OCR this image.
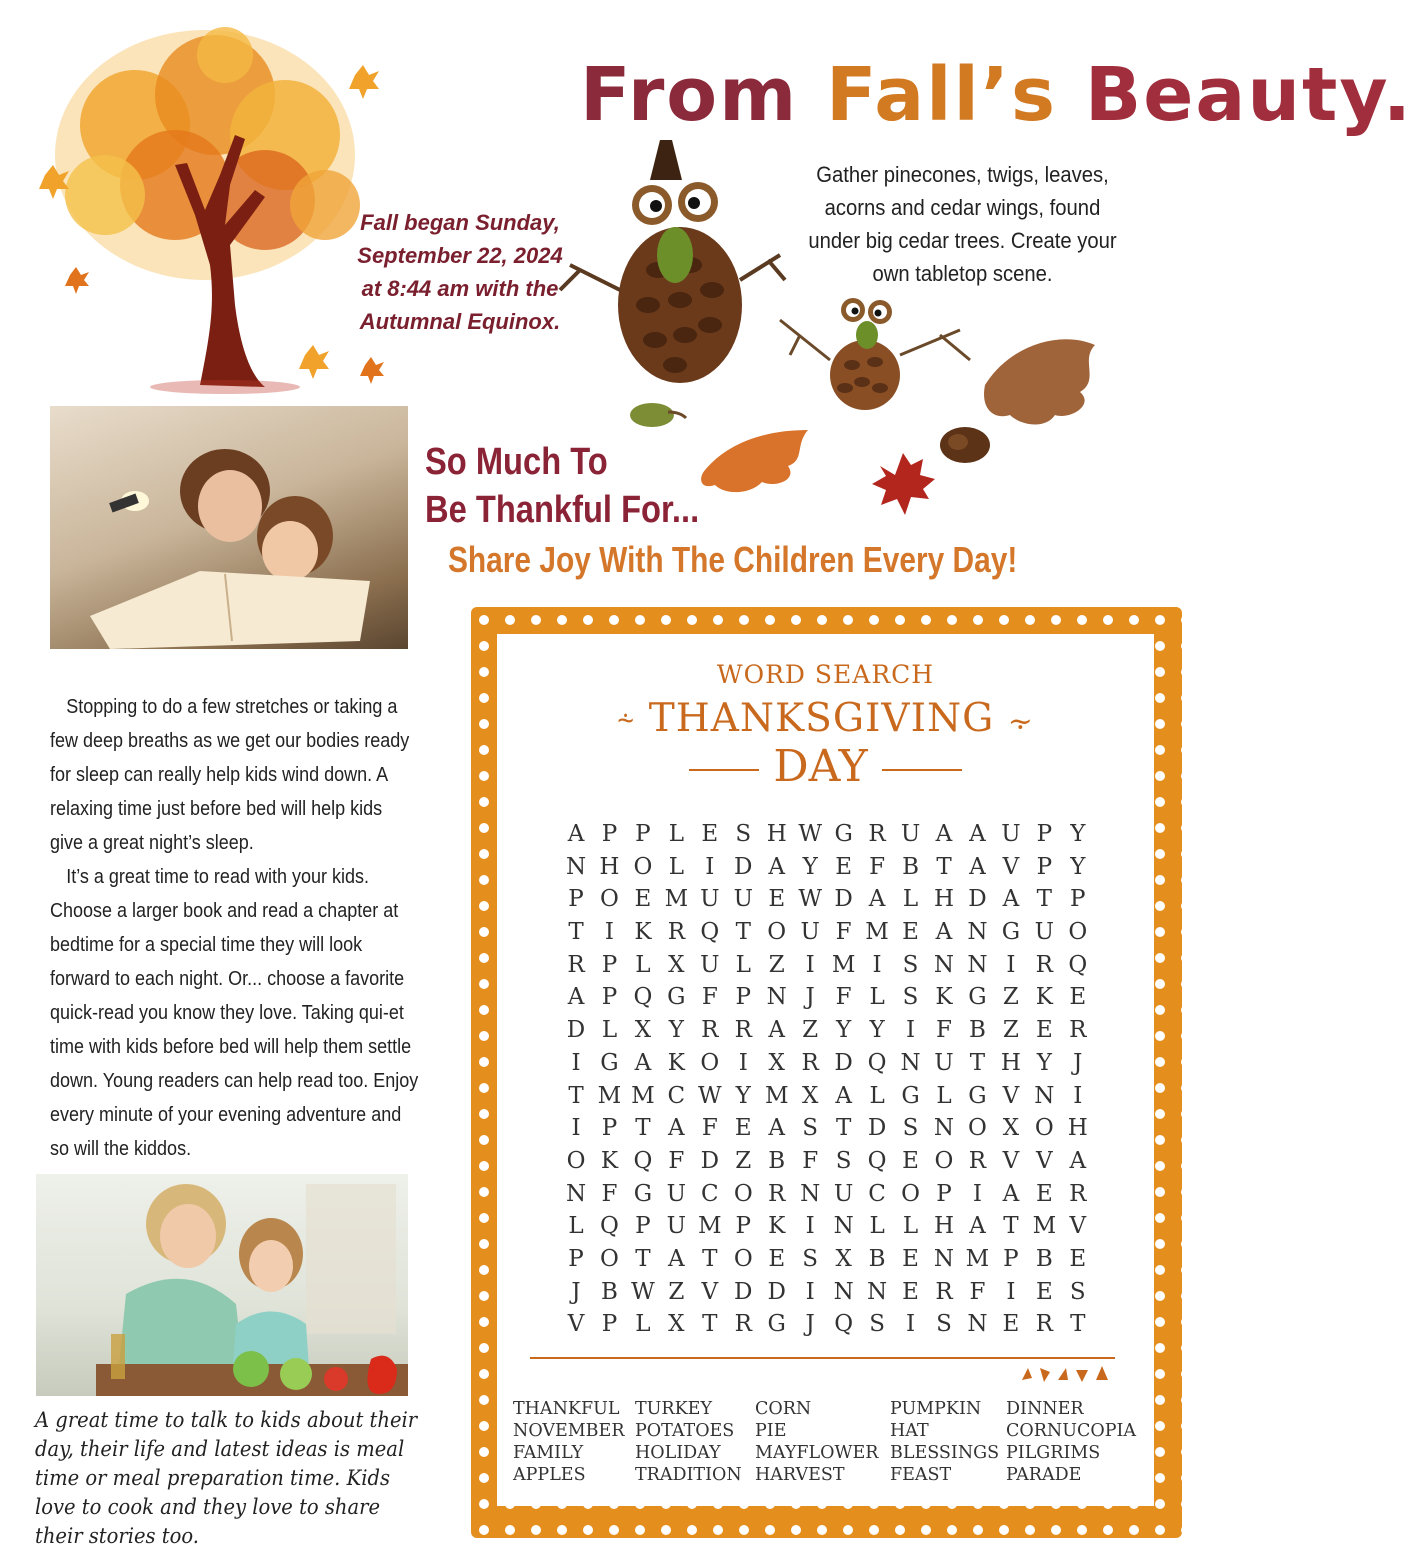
From Fall’s Beauty.
Fall began Sunday, September 22, 2024 at 8:44 am with the Autumnal Equinox.
Gather pinecones, twigs, leaves, acorns and cedar wings, found under big cedar trees. Create your own tabletop scene.
So Much To
Be Thankful For...
Share Joy With The Children Every Day!

Stopping to do a few stretches or taking a few deep breaths as we get our bodies ready for sleep can really help kids wind down. A relaxing time just before bed will help kids give a great night’s sleep.

It’s a great time to read with your kids. Choose a larger book and read a chapter at bedtime for a special time they will look forward to each night. Or... choose a favorite quick-read you know they love. Taking qui-et time with kids before bed will help them settle down. Young readers can help read too. Enjoy every minute of your evening adventure and so will the kiddos.

A great time to talk to kids about their day, their life and latest ideas is meal time or meal preparation time. Kids love to cook and they love to share their stories too.
WORD SEARCH
⸞ THANKSGIVING ⸟
DAY
A P P L E S H W G R U A A U P Y
N H O L I D A Y E F B T A V P Y
P O E M U U E W D A L H D A T P
T I K R Q T O U F M E A N G U O
R P L X U L Z I M I S N N I R Q
A P Q G F P N J F L S K G Z K E
D L X Y R R A Z Y Y I F B Z E R
I G A K O I X R D Q N U T H Y J
T M M C W Y M X A L G L G V N I
I P T A F E A S T D S N O X O H
O K Q F D Z B F S Q E O R V V A
N F G U C O R N U C O P I A E R
L Q P U M P K I N L L H A T M V
P O T A T O E S X B E N M P B E
J B W Z V D D I N N E R F I E S
V P L X T R G J Q S I S N E R T
THANKFUL
NOVEMBER
FAMILY
APPLES
TURKEY
POTATOES
HOLIDAY
TRADITION
CORN
PIE
MAYFLOWER
HARVEST
PUMPKIN
HAT
BLESSINGS
FEAST
DINNER
CORNUCOPIA
PILGRIMS
PARADE
